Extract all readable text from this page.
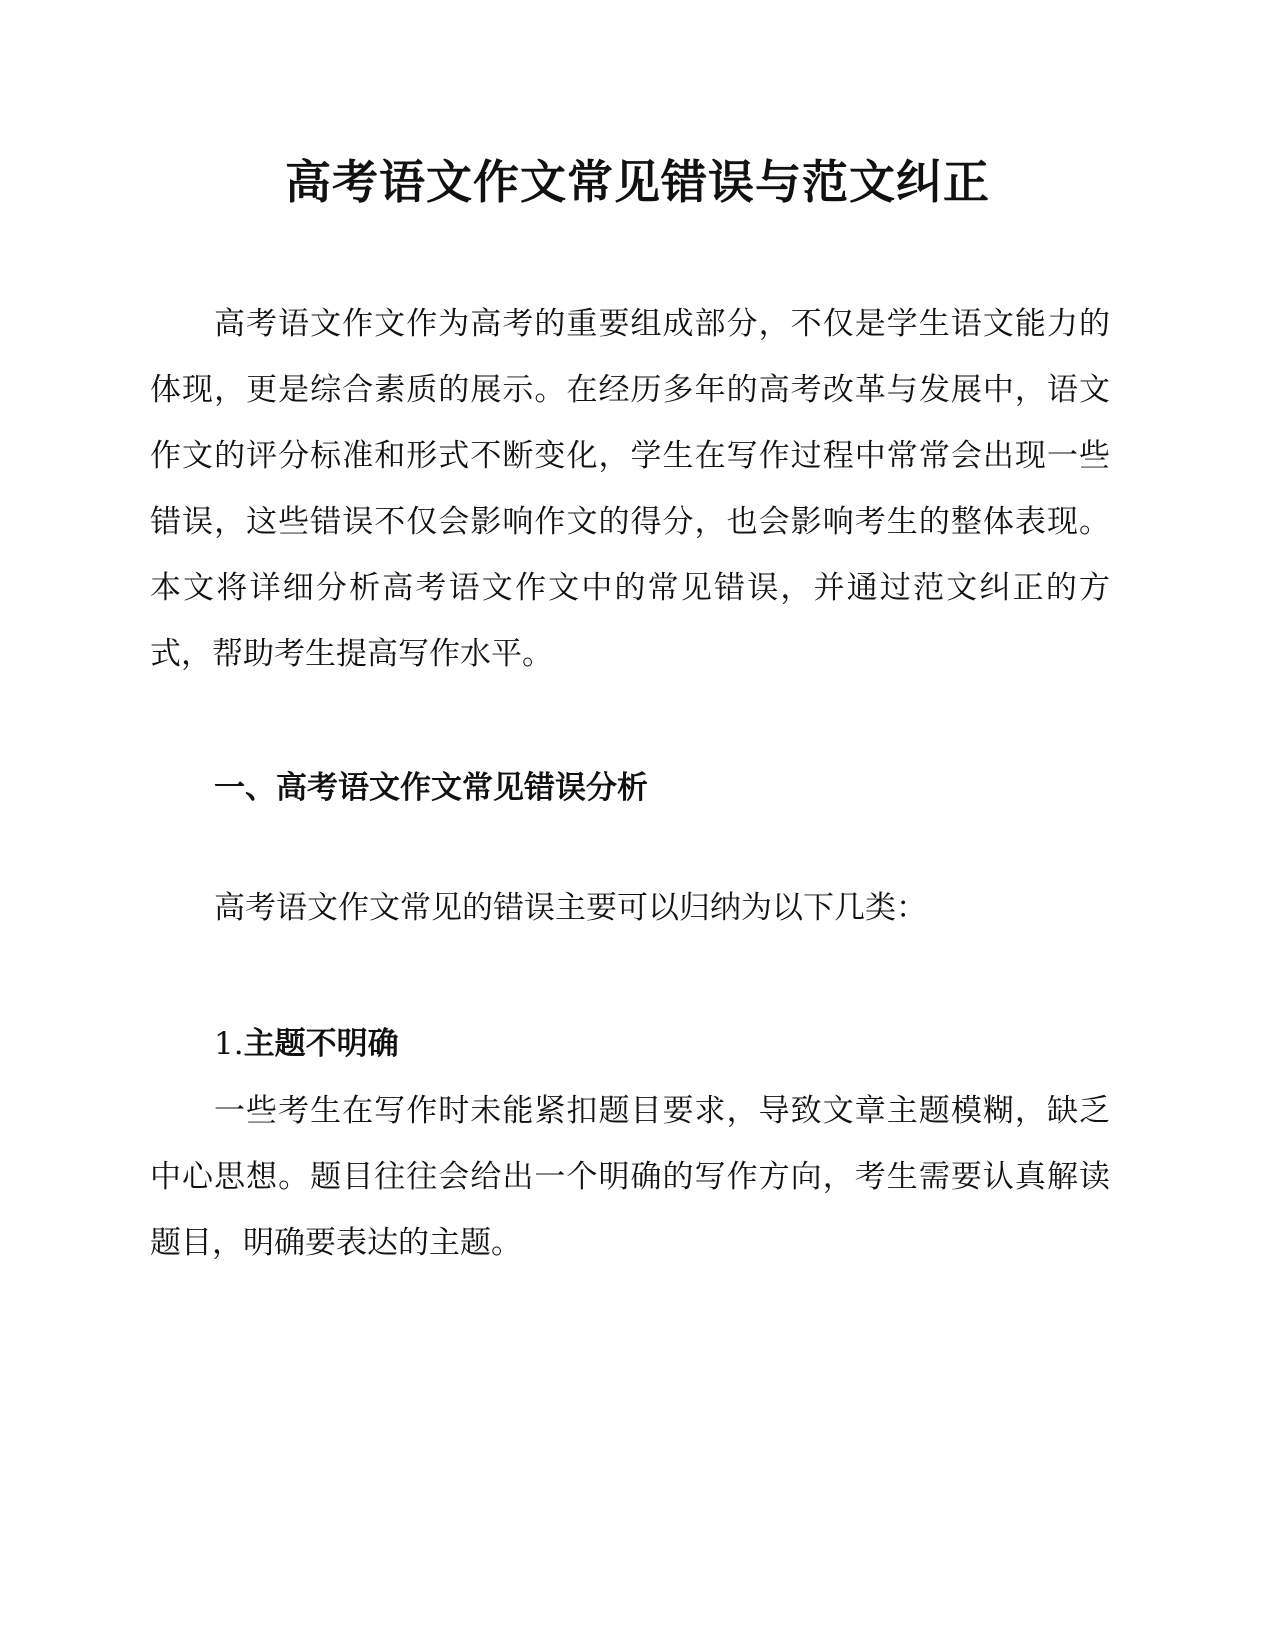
高考语文作文常见错误与范文纠正

高考语文作文作为高考的重要组成部分，不仅是学生语文能力的体现，更是综合素质的展示。在经历多年的高考改革与发展中，语文作文的评分标准和形式不断变化，学生在写作过程中常常会出现一些错误，这些错误不仅会影响作文的得分，也会影响考生的整体表现。本文将详细分析高考语文作文中的常见错误，并通过范文纠正的方式，帮助考生提高写作水平。

一、高考语文作文常见错误分析

高考语文作文常见的错误主要可以归纳为以下几类：

1.主题不明确

一些考生在写作时未能紧扣题目要求，导致文章主题模糊，缺乏中心思想。题目往往会给出一个明确的写作方向，考生需要认真解读题目，明确要表达的主题。
